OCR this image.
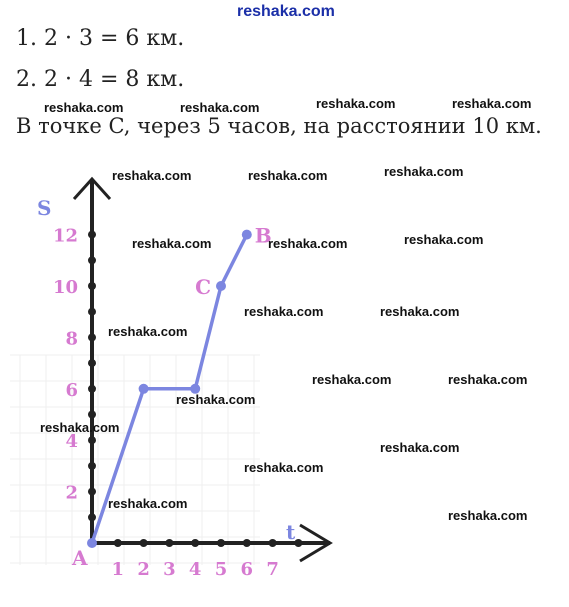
reshaka.com

1. 2 · 3 = 6 км.

2. 2 · 4 = 8 км.

reshaka.com	reshaka.com	reshaka.com	reshaka.com

В точке C, через 5 часов, на расстоянии 10 км.

2
4
6
8
10
12
1 2 3 4 5 6 7
S
t
A
C
B
reshaka.com	reshaka.com	reshaka.com
reshaka.com	reshaka.com	reshaka.com
reshaka.com	reshaka.com
reshaka.com
reshaka.com	reshaka.com
reshaka.com
reshaka.com
reshaka.com
reshaka.com
reshaka.com
reshaka.com
